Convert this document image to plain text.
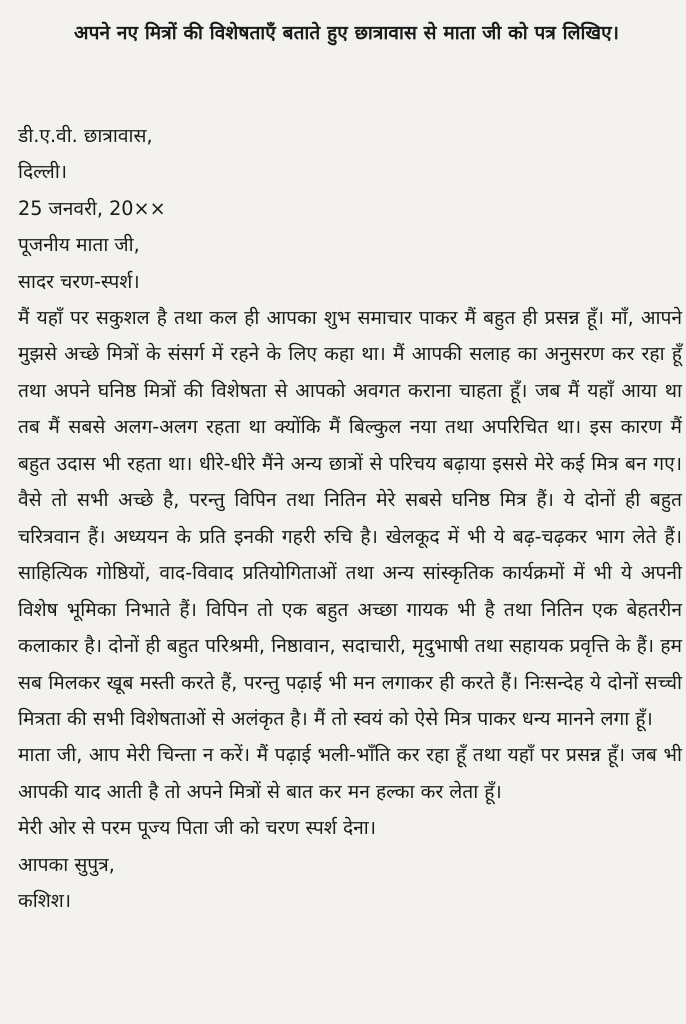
अपने नए मित्रों की विशेषताएँ बताते हुए छात्रावास से माता जी को पत्र लिखिए।
डी.ए.वी. छात्रावास,
दिल्ली।
25 जनवरी, 20××
पूजनीय माता जी,
सादर चरण-स्पर्श।
मैं यहाँ पर सकुशल है तथा कल ही आपका शुभ समाचार पाकर मैं बहुत ही प्रसन्न हूँ। माँ, आपने मुझसे अच्छे मित्रों के संसर्ग में रहने के लिए कहा था। मैं आपकी सलाह का अनुसरण कर रहा हूँ तथा अपने घनिष्ठ मित्रों की विशेषता से आपको अवगत कराना चाहता हूँ। जब मैं यहाँ आया था तब मैं सबसे अलग-अलग रहता था क्योंकि मैं बिल्कुल नया तथा अपरिचित था। इस कारण मैं बहुत उदास भी रहता था। धीरे-धीरे मैंने अन्य छात्रों से परिचय बढ़ाया इससे मेरे कई मित्र बन गए। वैसे तो सभी अच्छे है, परन्तु विपिन तथा नितिन मेरे सबसे घनिष्ठ मित्र हैं। ये दोनों ही बहुत चरित्रवान हैं। अध्ययन के प्रति इनकी गहरी रुचि है। खेलकूद में भी ये बढ़-चढ़कर भाग लेते हैं। साहित्यिक गोष्ठियों, वाद-विवाद प्रतियोगिताओं तथा अन्य सांस्कृतिक कार्यक्रमों में भी ये अपनी विशेष भूमिका निभाते हैं। विपिन तो एक बहुत अच्छा गायक भी है तथा नितिन एक बेहतरीन कलाकार है। दोनों ही बहुत परिश्रमी, निष्ठावान, सदाचारी, मृदुभाषी तथा सहायक प्रवृत्ति के हैं। हम सब मिलकर खूब मस्ती करते हैं, परन्तु पढ़ाई भी मन लगाकर ही करते हैं। निःसन्देह ये दोनों सच्ची मित्रता की सभी विशेषताओं से अलंकृत है। मैं तो स्वयं को ऐसे मित्र पाकर धन्य मानने लगा हूँ।
माता जी, आप मेरी चिन्ता न करें। मैं पढ़ाई भली-भाँति कर रहा हूँ तथा यहाँ पर प्रसन्न हूँ। जब भी आपकी याद आती है तो अपने मित्रों से बात कर मन हल्का कर लेता हूँ।
मेरी ओर से परम पूज्य पिता जी को चरण स्पर्श देना।
आपका सुपुत्र,
कशिश।
